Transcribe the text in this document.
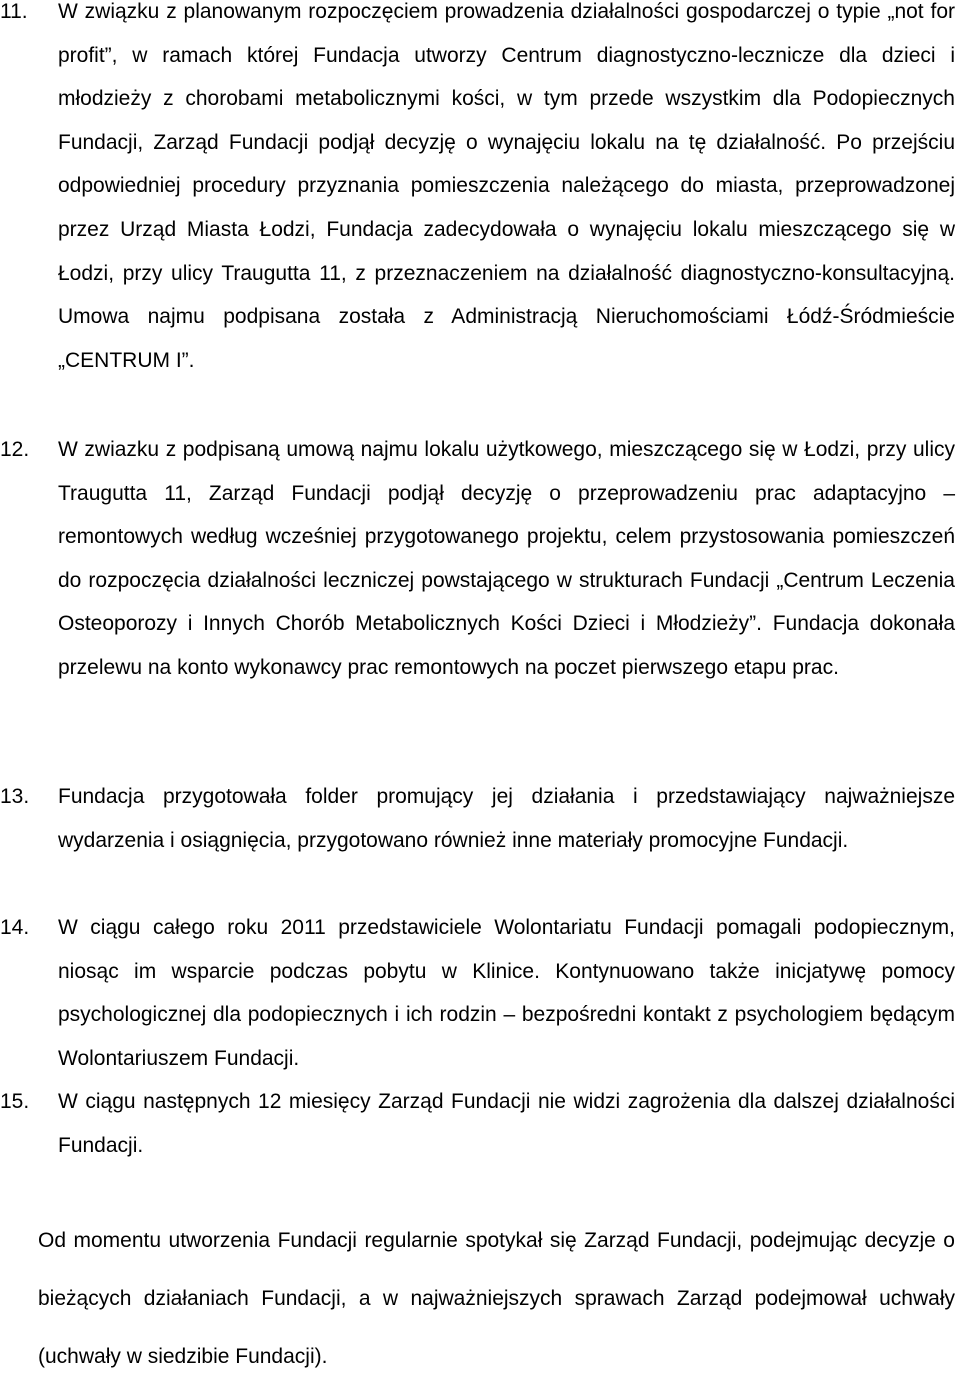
11. W związku z planowanym rozpoczęciem prowadzenia działalności gospodarczej o typie „not for profit”, w ramach której Fundacja utworzy Centrum diagnostyczno-lecznicze dla dzieci i młodzieży z chorobami metabolicznymi kości, w tym przede wszystkim dla Podopiecznych Fundacji, Zarząd Fundacji podjął decyzję o wynajęciu lokalu na tę działalność. Po przejściu odpowiedniej procedury przyznania pomieszczenia należącego do miasta, przeprowadzonej przez Urząd Miasta Łodzi, Fundacja zadecydowała o wynajęciu lokalu mieszczącego się w Łodzi, przy ulicy Traugutta 11, z przeznaczeniem na działalność diagnostyczno-konsultacyjną. Umowa najmu podpisana została z Administracją Nieruchomościami Łódź-Śródmieście „CENTRUM I”.
12. W zwiazku z podpisaną umową najmu lokalu użytkowego, mieszczącego się w Łodzi, przy ulicy Traugutta 11, Zarząd Fundacji podjął decyzję o przeprowadzeniu prac adaptacyjno – remontowych według wcześniej przygotowanego projektu, celem przystosowania pomieszczeń do rozpoczęcia działalności leczniczej powstającego w strukturach Fundacji „Centrum Leczenia Osteoporozy i Innych Chorób Metabolicznych Kości Dzieci i Młodzieży”. Fundacja dokonała przelewu na konto wykonawcy prac remontowych na poczet pierwszego etapu prac.
13. Fundacja przygotowała folder promujący jej działania i przedstawiający najważniejsze wydarzenia i osiągnięcia, przygotowano również inne materiały promocyjne Fundacji.
14. W ciągu całego roku 2011 przedstawiciele Wolontariatu Fundacji pomagali podopiecznym, niosąc im wsparcie podczas pobytu w Klinice. Kontynuowano także inicjatywę pomocy psychologicznej dla podopiecznych i ich rodzin – bezpośredni kontakt z psychologiem będącym Wolontariuszem Fundacji.
15. W ciągu następnych 12 miesięcy Zarząd Fundacji nie widzi zagrożenia dla dalszej działalności Fundacji.

Od momentu utworzenia Fundacji regularnie spotykał się Zarząd Fundacji, podejmując decyzje o bieżących działaniach Fundacji, a w najważniejszych sprawach Zarząd podejmował uchwały (uchwały w siedzibie Fundacji).
